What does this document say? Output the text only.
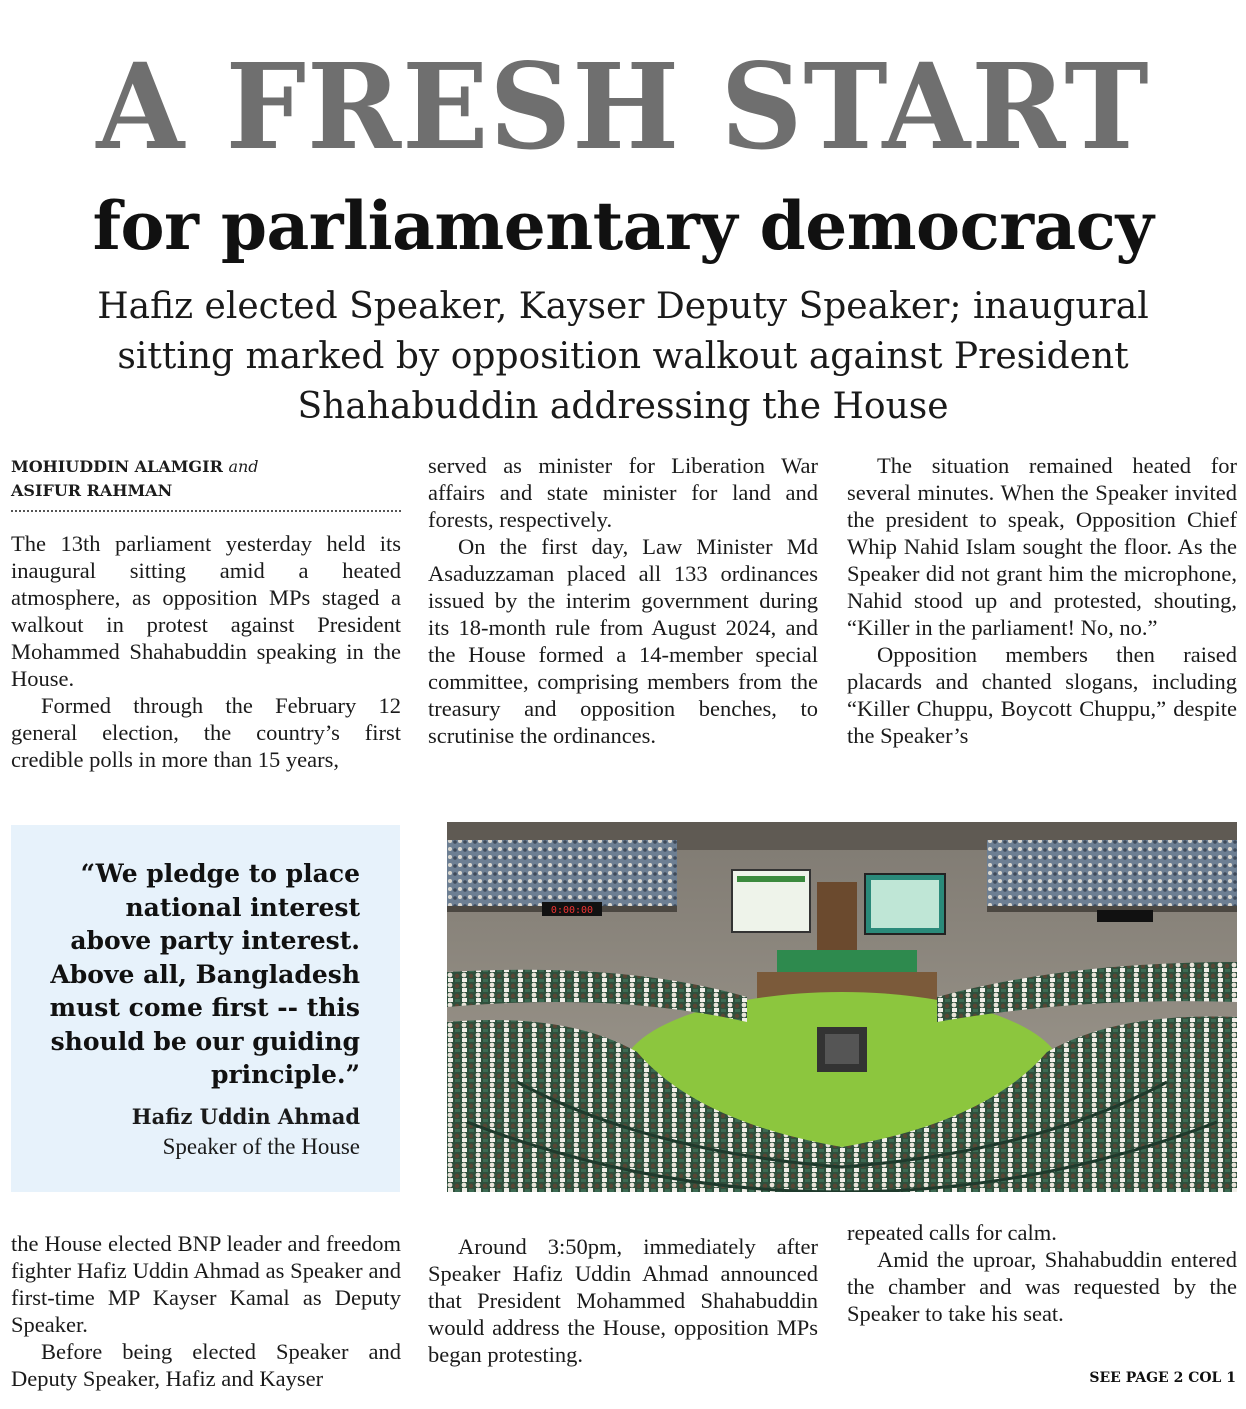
A FRESH START
for parliamentary democracy
Hafiz elected Speaker, Kayser Deputy Speaker; inaugural sitting marked by opposition walkout against President Shahabuddin addressing the House
MOHIUDDIN ALAMGIR and
ASIFUR RAHMAN

The 13th parliament yesterday held its inaugural sitting amid a heated atmosphere, as opposition MPs staged a walkout in protest against President Mohammed Shahabuddin speaking in the House.

Formed through the February 12 general election, the country’s first credible polls in more than 15 years,

served as minister for Liberation War affairs and state minister for land and forests, respectively.

On the first day, Law Minister Md Asaduzzaman placed all 133 ordinances issued by the interim government during its 18-month rule from August 2024, and the House formed a 14-member special committee, comprising members from the treasury and opposition benches, to scrutinise the ordinances.

The situation remained heated for several minutes. When the Speaker invited the president to speak, Opposition Chief Whip Nahid Islam sought the floor. As the Speaker did not grant him the microphone, Nahid stood up and protested, shouting, “Killer in the parliament! No, no.”

Opposition members then raised placards and chanted slogans, including “Killer Chuppu, Boycott Chuppu,” despite the Speaker’s

“We pledge to place national interest above party interest. Above all, Bangladesh must come first -- this should be our guiding principle.”
Hafiz Uddin Ahmad
Speaker of the House
0:00:00

the House elected BNP leader and freedom fighter Hafiz Uddin Ahmad as Speaker and first-time MP Kayser Kamal as Deputy Speaker.

Before being elected Speaker and Deputy Speaker, Hafiz and Kayser

Around 3:50pm, immediately after Speaker Hafiz Uddin Ahmad announced that President Mohammed Shahabuddin would address the House, opposition MPs began protesting.

repeated calls for calm.

Amid the uproar, Shahabuddin entered the chamber and was requested by the Speaker to take his seat.

SEE PAGE 2 COL 1
